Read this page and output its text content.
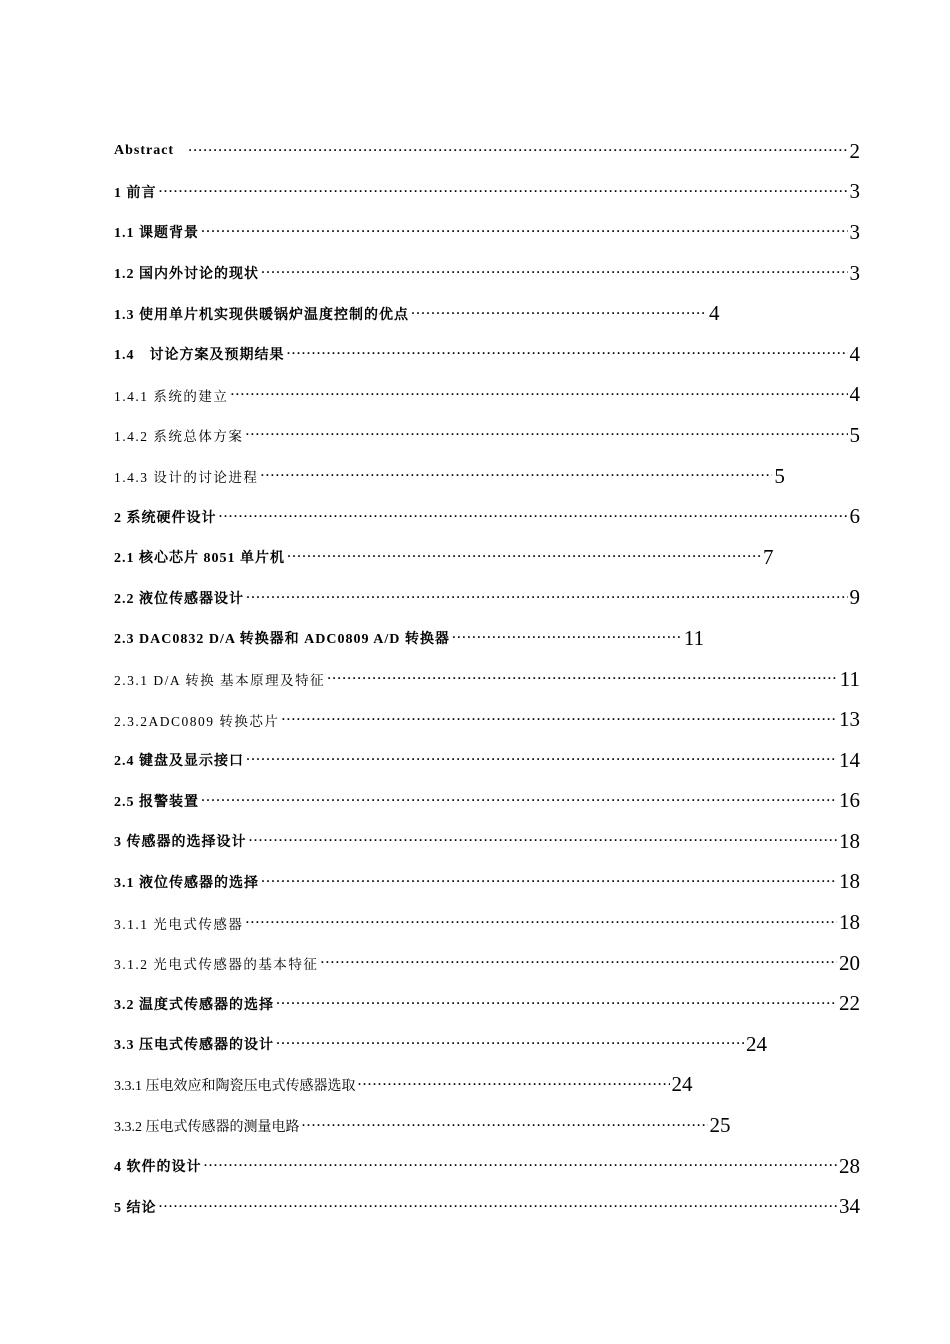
Abstract ·····	2
1 前言 ·····	3
1.1 课题背景 ·····	3
1.2 国内外讨论的现状 ·····	3
1.3 使用单片机实现供暖锅炉温度控制的优点 ·····	4
1.4　讨论方案及预期结果 ·····	4
1.4.1 系统的建立 ·····	4
1.4.2 系统总体方案 ·····	5
1.4.3 设计的讨论进程 ·····	5
2 系统硬件设计 ·····	6
2.1 核心芯片 8051 单片机 ·····	7
2.2 液位传感器设计 ·····	9
2.3 DAC0832 D/A 转换器和 ADC0809 A/D 转换器 ·····	11
2.3.1 D/A 转换 基本原理及特征 ·····	11
2.3.2ADC0809 转换芯片 ·····	13
2.4 键盘及显示接口 ·····	14
2.5 报警装置 ·····	16
3 传感器的选择设计 ·····	18
3.1 液位传感器的选择 ·····	18
3.1.1 光电式传感器 ·····	18
3.1.2 光电式传感器的基本特征 ·····	20
3.2 温度式传感器的选择 ·····	22
3.3 压电式传感器的设计 ·····	24
3.3.1 压电效应和陶瓷压电式传感器选取 ·····	24
3.3.2 压电式传感器的测量电路 ·····	25
4 软件的设计 ·····	28
5 结论 ·····	34
